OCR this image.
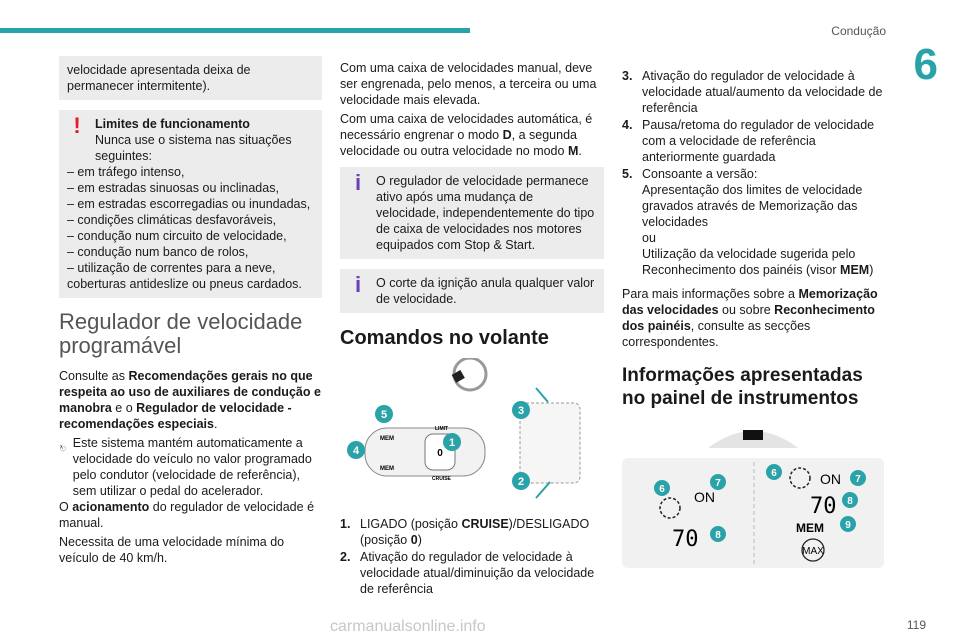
Condução
6
velocidade apresentada deixa de permanecer intermitente).
!	Limites de funcionamento
Nunca use o sistema nas situações seguintes:
– em tráfego intenso,
– em estradas sinuosas ou inclinadas,
– em estradas escorregadias ou inundadas,
– condições climáticas desfavoráveis,
– condução num circuito de velocidade,
– condução num banco de rolos,
– utilização de correntes para a neve, coberturas antideslize ou pneus cardados.
Regulador de velocidade programável

Consulte as Recomendações gerais no que respeita ao uso de auxiliares de condução e manobra e o Regulador de velocidade - recomendações especiais.

Este sistema mantém automaticamente a velocidade do veículo no valor programado pelo condutor (velocidade de referência), sem utilizar o pedal do acelerador.

O acionamento do regulador de velocidade é manual.

Necessita de uma velocidade mínima do veículo de 40 km/h.

Com uma caixa de velocidades manual, deve ser engrenada, pelo menos, a terceira ou uma velocidade mais elevada.

Com uma caixa de velocidades automática, é necessário engrenar o modo D, a segunda velocidade ou outra velocidade no modo M.

i	O regulador de velocidade permanece ativo após uma mudança de velocidade, independentemente do tipo de caixa de velocidades nos motores equipados com Stop & Start.
i	O corte da ignição anula qualquer valor de velocidade.
Comandos no volante
0
MEM
MEM
LIMIT
CRUISE
5
4
1
3
2
1. LIGADO (posição CRUISE)/DESLIGADO (posição 0)
2. Ativação do regulador de velocidade à velocidade atual/diminuição da velocidade de referência
3. Ativação do regulador de velocidade à velocidade atual/aumento da velocidade de referência
4. Pausa/retoma do regulador de velocidade com a velocidade de referência anteriormente guardada
5. Consoante a versão:
Apresentação dos limites de velocidade gravados através de Memorização das velocidades
ou
Utilização da velocidade sugerida pelo Reconhecimento dos painéis (visor MEM)

Para mais informações sobre a Memorização das velocidades ou sobre Reconhecimento dos painéis, consulte as secções correspondentes.

Informações apresentadas no painel de instrumentos
ON
70
ON
70
MEM
MAX
6
7
8
6
7
8
9
carmanualsonline.info	119
